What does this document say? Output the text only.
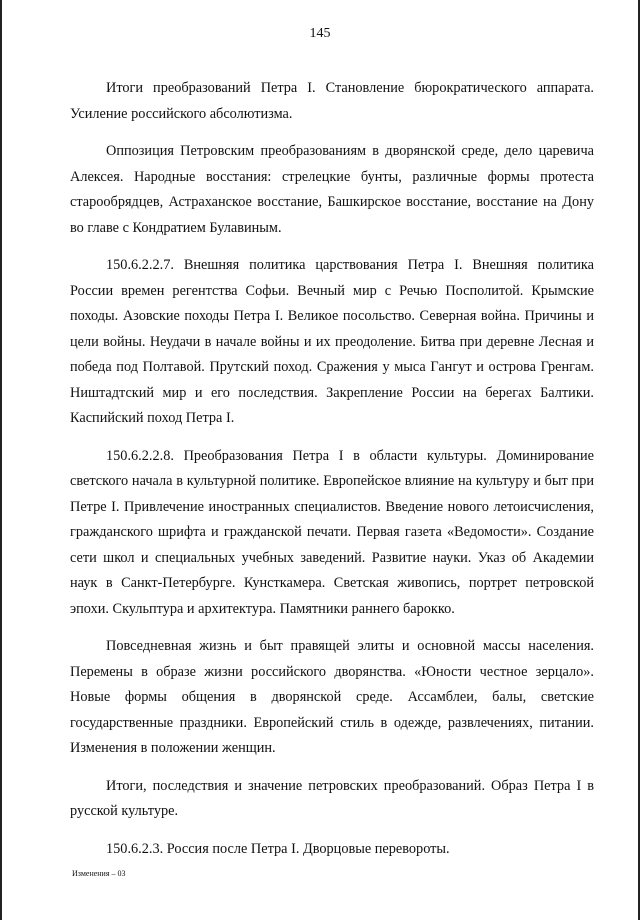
145

Итоги преобразований Петра I. Становление бюрократического аппарата. Усиление российского абсолютизма.

Оппозиция Петровским преобразованиям в дворянской среде, дело царевича Алексея. Народные восстания: стрелецкие бунты, различные формы протеста старообрядцев, Астраханское восстание, Башкирское восстание, восстание на Дону во главе с Кондратием Булавиным.

150.6.2.2.7. Внешняя политика царствования Петра I. Внешняя политика России времен регентства Софьи. Вечный мир с Речью Посполитой. Крымские походы. Азовские походы Петра I. Великое посольство. Северная война. Причины и цели войны. Неудачи в начале войны и их преодоление. Битва при деревне Лесная и победа под Полтавой. Прутский поход. Сражения у мыса Гангут и острова Гренгам. Ништадтский мир и его последствия. Закрепление России на берегах Балтики. Каспийский поход Петра I.

150.6.2.2.8. Преобразования Петра I в области культуры. Доминирование светского начала в культурной политике. Европейское влияние на культуру и быт при Петре I. Привлечение иностранных специалистов. Введение нового летоисчисления, гражданского шрифта и гражданской печати. Первая газета «Ведомости». Создание сети школ и специальных учебных заведений. Развитие науки. Указ об Академии наук в Санкт-Петербурге. Кунсткамера. Светская живопись, портрет петровской эпохи. Скульптура и архитектура. Памятники раннего барокко.

Повседневная жизнь и быт правящей элиты и основной массы населения. Перемены в образе жизни российского дворянства. «Юности честное зерцало». Новые формы общения в дворянской среде. Ассамблеи, балы, светские государственные праздники. Европейский стиль в одежде, развлечениях, питании. Изменения в положении женщин.

Итоги, последствия и значение петровских преобразований. Образ Петра I в русской культуре.

150.6.2.3. Россия после Петра I. Дворцовые перевороты.

Изменения – 03
